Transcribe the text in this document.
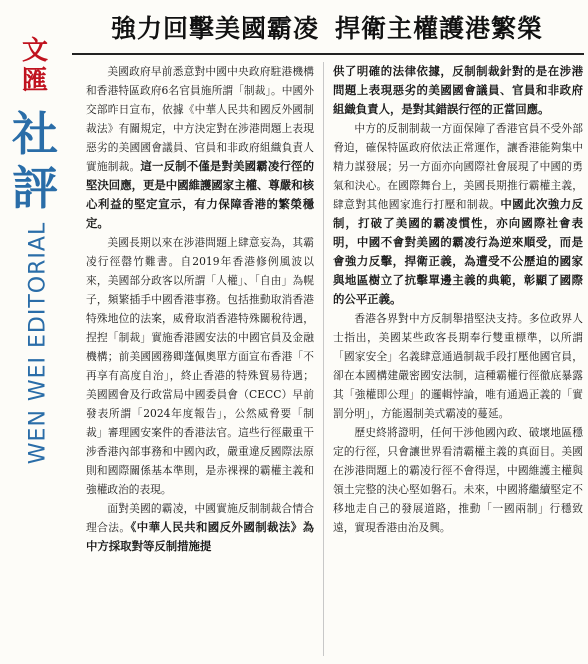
文
匯
社
評
WEN WEI EDITORIAL
強力回擊美國霸凌 捍衛主權護港繁榮

美國政府早前悉意對中國中央政府駐港機構和香港特區政府6名官員施所謂「制裁」。中國外交部昨日宣布，依據《中華人民共和國反外國制裁法》有關規定，中方決定對在涉港問題上表現惡劣的美國國會議員、官員和非政府組織負責人實施制裁。這一反制不僅是對美國霸凌行徑的堅決回應，更是中國維護國家主權、尊嚴和核心利益的堅定宣示，有力保障香港的繁榮穩定。

美國長期以來在涉港問題上肆意妄為，其霸凌行徑罄竹難書。自2019年香港修例風波以來，美國部分政客以所謂「人權」、「自由」為幌子，頻繁插手中國香港事務。包括推動取消香港特殊地位的法案，威脅取消香港特殊關稅待遇，捏揑「制裁」實施香港國安法的中國官員及金融機構；前美國國務卿蓬佩奧單方面宣布香港「不再享有高度自治」，終止香港的特殊貿易待遇；美國國會及行政當局中國委員會（CECC）早前發表所謂「2024年度報告」，公然威脅要「制裁」審理國安案件的香港法官。這些行徑嚴重干涉香港內部事務和中國內政，嚴重違反國際法原則和國際關係基本準則，是赤裸裸的霸權主義和強權政治的表現。

面對美國的霸凌，中國實施反制制裁合情合理合法。《中華人民共和國反外國制裁法》為中方採取對等反制措施提

供了明確的法律依據，反制制裁針對的是在涉港問題上表現惡劣的美國國會議員、官員和非政府組織負責人，是對其錯誤行徑的正當回應。

中方的反制制裁一方面保障了香港官員不受外部脅迫，確保特區政府依法正常運作，讓香港能夠集中精力謀發展；另一方面亦向國際社會展現了中國的勇氣和決心。在國際舞台上，美國長期推行霸權主義，肆意對其他國家進行打壓和制裁。中國此次強力反制，打破了美國的霸凌慣性，亦向國際社會表明，中國不會對美國的霸凌行為逆來順受，而是會強力反擊，捍衛正義，為遭受不公歷迫的國家與地區樹立了抗擊單邊主義的典範，彰顯了國際的公平正義。

香港各界對中方反制舉措堅決支持。多位政界人士指出，美國某些政客長期奉行雙重標準，以所謂「國家安全」名義肆意通過制裁手段打壓他國官員，卻在本國構建嚴密國安法制，這種霸權行徑徹底暴露其「強權即公理」的邏輯悖論，唯有通過正義的「實罰分明」，方能遏制美式霸凌的蔓延。

歷史終將證明，任何干涉他國內政、破壞地區穩定的行徑，只會讓世界看清霸權主義的真面目。美國在涉港問題上的霸凌行徑不會得逞，中國維護主權與領土完整的決心堅如磐石。未來，中國將繼續堅定不移地走自己的發展道路，推動「一國兩制」行穩致遠，實現香港由治及興。
